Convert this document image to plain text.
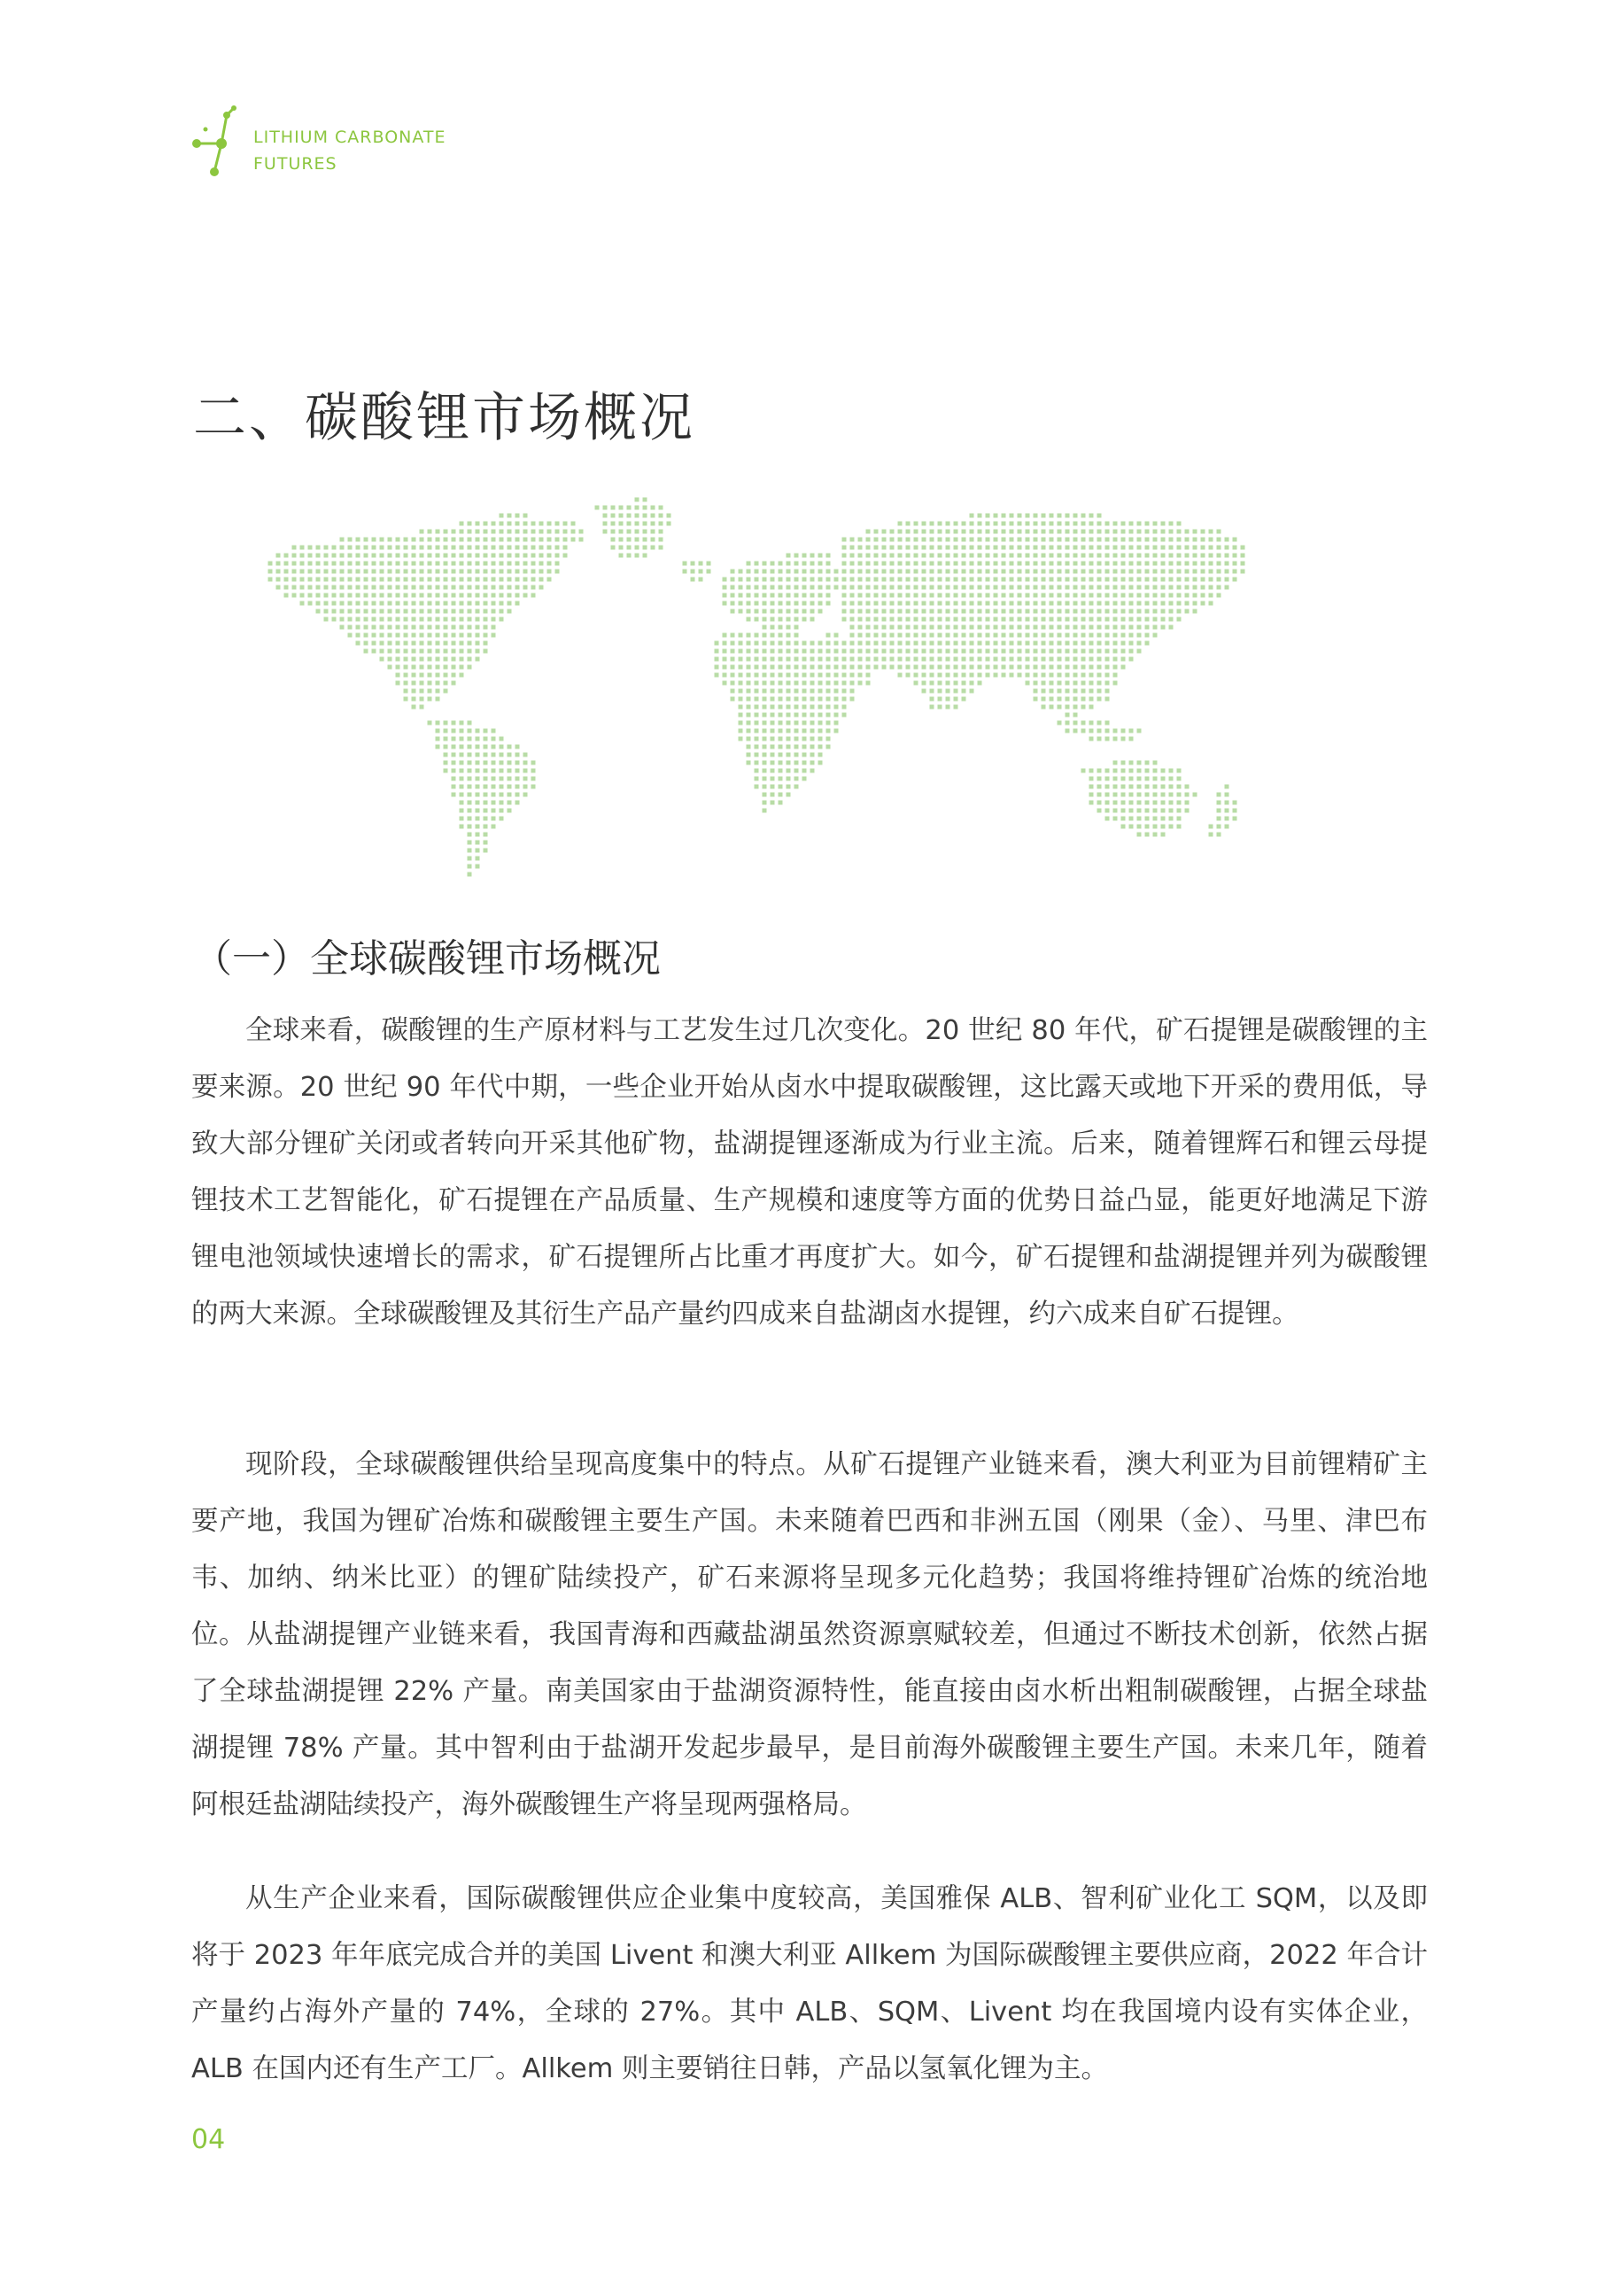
LITHIUM CARBONATE
FUTURES
二、碳酸锂市场概况
（一）全球碳酸锂市场概况

全球来看，碳酸锂的生产原材料与工艺发生过几次变化。20 世纪 80 年代，矿石提锂是碳酸锂的主要来源。20 世纪 90 年代中期，一些企业开始从卤水中提取碳酸锂，这比露天或地下开采的费用低，导致大部分锂矿关闭或者转向开采其他矿物，盐湖提锂逐渐成为行业主流。后来，随着锂辉石和锂云母提锂技术工艺智能化，矿石提锂在产品质量、生产规模和速度等方面的优势日益凸显，能更好地满足下游锂电池领域快速增长的需求，矿石提锂所占比重才再度扩大。如今，矿石提锂和盐湖提锂并列为碳酸锂的两大来源。全球碳酸锂及其衍生产品产量约四成来自盐湖卤水提锂，约六成来自矿石提锂。

现阶段，全球碳酸锂供给呈现高度集中的特点。从矿石提锂产业链来看，澳大利亚为目前锂精矿主要产地，我国为锂矿冶炼和碳酸锂主要生产国。未来随着巴西和非洲五国（刚果（金）、马里、津巴布韦、加纳、纳米比亚）的锂矿陆续投产，矿石来源将呈现多元化趋势；我国将维持锂矿冶炼的统治地位。从盐湖提锂产业链来看，我国青海和西藏盐湖虽然资源禀赋较差，但通过不断技术创新，依然占据了全球盐湖提锂 22% 产量。南美国家由于盐湖资源特性，能直接由卤水析出粗制碳酸锂，占据全球盐湖提锂 78% 产量。其中智利由于盐湖开发起步最早，是目前海外碳酸锂主要生产国。未来几年，随着阿根廷盐湖陆续投产，海外碳酸锂生产将呈现两强格局。

从生产企业来看，国际碳酸锂供应企业集中度较高，美国雅保 ALB、智利矿业化工 SQM，以及即将于 2023 年年底完成合并的美国 Livent 和澳大利亚 Allkem 为国际碳酸锂主要供应商，2022 年合计产量约占海外产量的 74%，全球的 27%。其中 ALB、SQM、Livent 均在我国境内设有实体企业，ALB 在国内还有生产工厂。Allkem 则主要销往日韩，产品以氢氧化锂为主。

04
